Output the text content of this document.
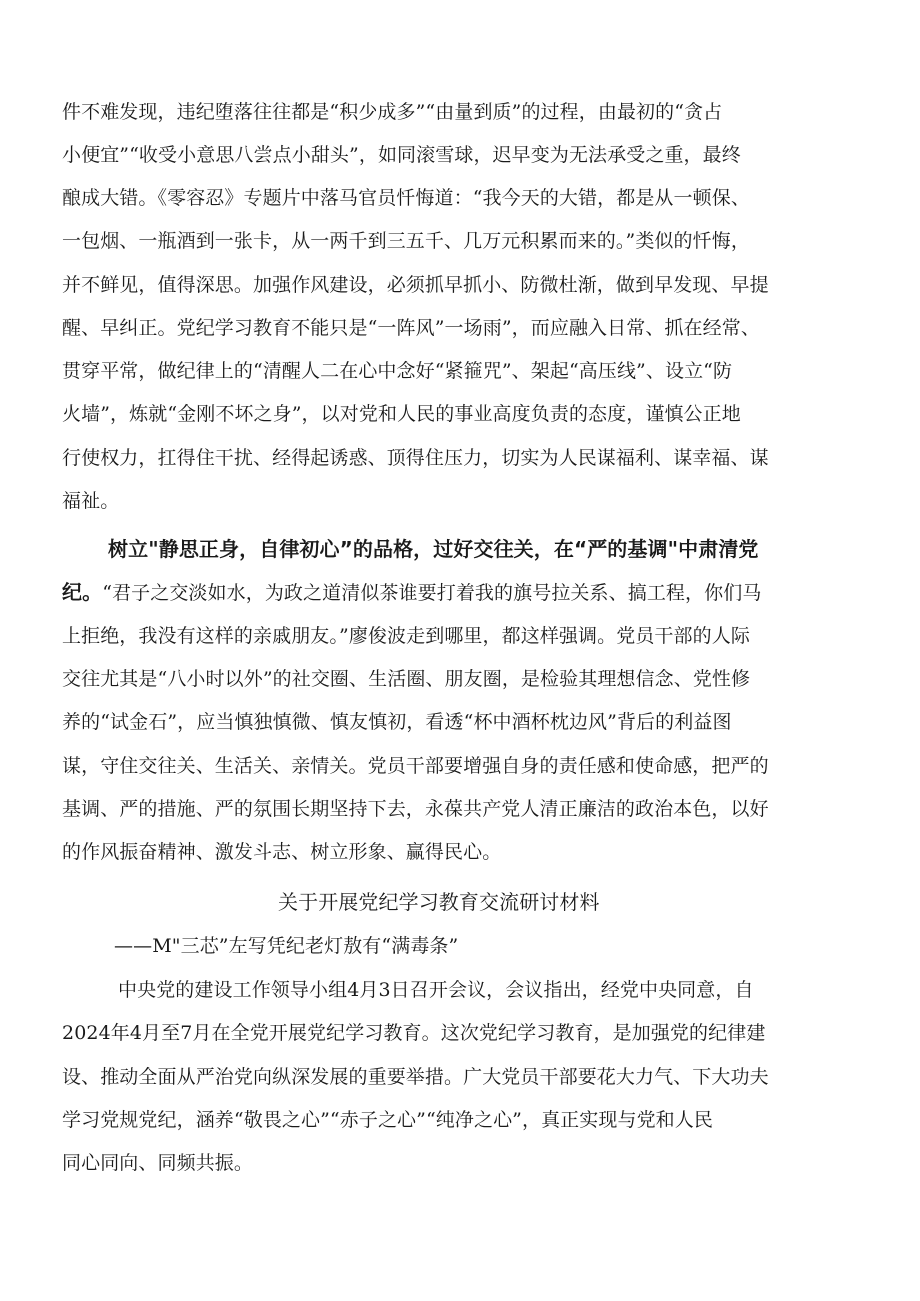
件不难发现，违纪堕落往往都是“积少成多”“由量到质”的过程，由最初的“贪占
小便宜”“收受小意思八尝点小甜头”，如同滚雪球，迟早变为无法承受之重，最终
酿成大错。《零容忍》专题片中落马官员忏悔道：“我今天的大错，都是从一顿保、
一包烟、一瓶酒到一张卡，从一两千到三五千、几万元积累而来的。”类似的忏悔，
并不鲜见，值得深思。加强作风建设，必须抓早抓小、防微杜渐，做到早发现、早提
醒、早纠正。党纪学习教育不能只是“一阵风”一场雨”，而应融入日常、抓在经常、
贯穿平常，做纪律上的“清醒人二在心中念好“紧箍咒”、架起“高压线”、设立“防
火墙”，炼就“金刚不坏之身”，以对党和人民的事业高度负责的态度，谨慎公正地
行使权力，扛得住干扰、经得起诱惑、顶得住压力，切实为人民谋福利、谋幸福、谋
福祉。
树立"静思正身，自律初心”的品格，过好交往关，在“严的基调"中肃清党
纪。“君子之交淡如水，为政之道清似茶谁要打着我的旗号拉关系、搞工程，你们马
上拒绝，我没有这样的亲戚朋友。”廖俊波走到哪里，都这样强调。党员干部的人际
交往尤其是“八小时以外”的社交圈、生活圈、朋友圈，是检验其理想信念、党性修
养的“试金石”，应当慎独慎微、慎友慎初，看透“杯中酒杯枕边风”背后的利益图
谋，守住交往关、生活关、亲情关。党员干部要增强自身的责任感和使命感，把严的
基调、严的措施、严的氛围长期坚持下去，永葆共产党人清正廉洁的政治本色，以好
的作风振奋精神、激发斗志、树立形象、赢得民心。
关于开展党纪学习教育交流研讨材料
——M"三芯”左写凭纪老灯敖有“满毒条”
中央党的建设工作领导小组4月3日召开会议，会议指出，经党中央同意，自
2024年4月至7月在全党开展党纪学习教育。这次党纪学习教育，是加强党的纪律建
设、推动全面从严治党向纵深发展的重要举措。广大党员干部要花大力气、下大功夫
学习党规党纪，涵养“敬畏之心”“赤子之心”“纯净之心”，真正实现与党和人民
同心同向、同频共振。
